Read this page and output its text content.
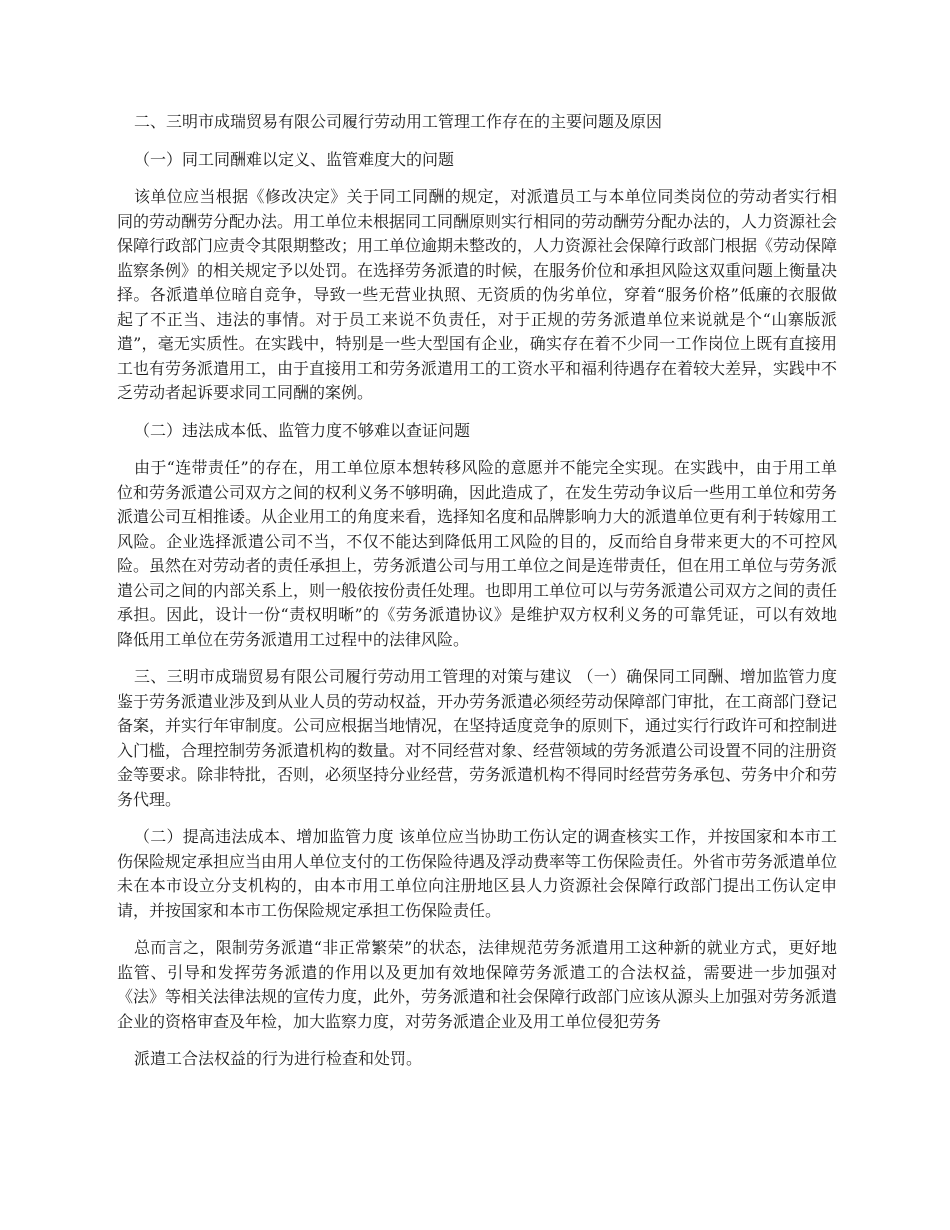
二、三明市成瑞贸易有限公司履行劳动用工管理工作存在的主要问题及原因

（一）同工同酬难以定义、监管难度大的问题

该单位应当根据《修改决定》关于同工同酬的规定，对派遣员工与本单位同类岗位的劳动者实行相同的劳动酬劳分配办法。用工单位未根据同工同酬原则实行相同的劳动酬劳分配办法的，人力资源社会保障行政部门应责令其限期整改；用工单位逾期未整改的，人力资源社会保障行政部门根据《劳动保障监察条例》的相关规定予以处罚。在选择劳务派遣的时候，在服务价位和承担风险这双重问题上衡量决择。各派遣单位暗自竞争，导致一些无营业执照、无资质的伪劣单位，穿着“服务价格”低廉的衣服做起了不正当、违法的事情。对于员工来说不负责任，对于正规的劳务派遣单位来说就是个“山寨版派遣”，毫无实质性。在实践中，特别是一些大型国有企业，确实存在着不少同一工作岗位上既有直接用工也有劳务派遣用工，由于直接用工和劳务派遣用工的工资水平和福利待遇存在着较大差异，实践中不乏劳动者起诉要求同工同酬的案例。

（二）违法成本低、监管力度不够难以查证问题

由于“连带责任”的存在，用工单位原本想转移风险的意愿并不能完全实现。在实践中，由于用工单位和劳务派遣公司双方之间的权利义务不够明确，因此造成了，在发生劳动争议后一些用工单位和劳务派遣公司互相推诿。从企业用工的角度来看，选择知名度和品牌影响力大的派遣单位更有利于转嫁用工风险。企业选择派遣公司不当，不仅不能达到降低用工风险的目的，反而给自身带来更大的不可控风险。虽然在对劳动者的责任承担上，劳务派遣公司与用工单位之间是连带责任，但在用工单位与劳务派遣公司之间的内部关系上，则一般依按份责任处理。也即用工单位可以与劳务派遣公司双方之间的责任承担。因此，设计一份“责权明晰”的《劳务派遣协议》是维护双方权利义务的可靠凭证，可以有效地降低用工单位在劳务派遣用工过程中的法律风险。

三、三明市成瑞贸易有限公司履行劳动用工管理的对策与建议 （一）确保同工同酬、增加监管力度 鉴于劳务派遣业涉及到从业人员的劳动权益，开办劳务派遣必须经劳动保障部门审批，在工商部门登记备案，并实行年审制度。公司应根据当地情况，在坚持适度竞争的原则下，通过实行行政许可和控制进入门槛，合理控制劳务派遣机构的数量。对不同经营对象、经营领域的劳务派遣公司设置不同的注册资金等要求。除非特批，否则，必须坚持分业经营，劳务派遣机构不得同时经营劳务承包、劳务中介和劳务代理。

（二）提高违法成本、增加监管力度 该单位应当协助工伤认定的调查核实工作，并按国家和本市工伤保险规定承担应当由用人单位支付的工伤保险待遇及浮动费率等工伤保险责任。外省市劳务派遣单位未在本市设立分支机构的，由本市用工单位向注册地区县人力资源社会保障行政部门提出工伤认定申请，并按国家和本市工伤保险规定承担工伤保险责任。

总而言之，限制劳务派遣“非正常繁荣”的状态，法律规范劳务派遣用工这种新的就业方式，更好地监管、引导和发挥劳务派遣的作用以及更加有效地保障劳务派遣工的合法权益，需要进一步加强对《法》等相关法律法规的宣传力度，此外，劳务派遣和社会保障行政部门应该从源头上加强对劳务派遣企业的资格审查及年检，加大监察力度，对劳务派遣企业及用工单位侵犯劳务

派遣工合法权益的行为进行检查和处罚。
